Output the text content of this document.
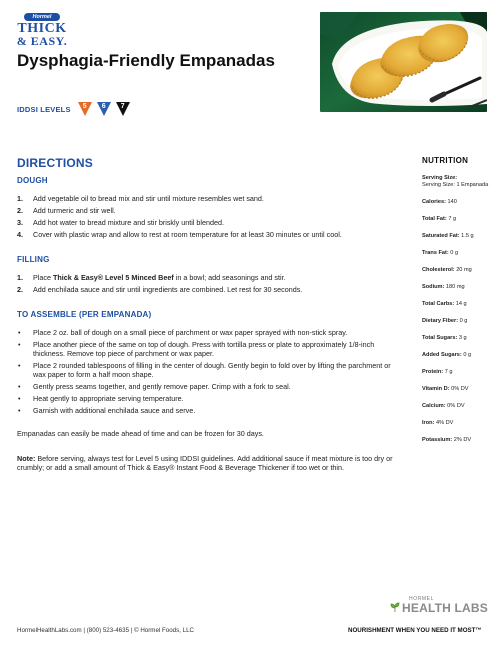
Hormel
THICK
& EASY.
Dysphagia-Friendly Empanadas
IDDSI LEVELS 5 6 7
DIRECTIONS
DOUGH
1. Add vegetable oil to bread mix and stir until mixture resembles wet sand.
2. Add turmeric and stir well.
3. Add hot water to bread mixture and stir briskly until blended.
4. Cover with plastic wrap and allow to rest at room temperature for at least 30 minutes or until cool.
FILLING
1. Place Thick & Easy® Level 5 Minced Beef in a bowl; add seasonings and stir.
2. Add enchilada sauce and stir until ingredients are combined. Let rest for 30 seconds.
TO ASSEMBLE (PER EMPANADA)
• Place 2 oz. ball of dough on a small piece of parchment or wax paper sprayed with non-stick spray.
• Place another piece of the same on top of dough. Press with tortilla press or plate to approximately 1/8-inch thickness. Remove top piece of parchment or wax paper.
• Place 2 rounded tablespoons of filling in the center of dough. Gently begin to fold over by lifting the parchment or wax paper to form a half moon shape.
• Gently press seams together, and gently remove paper. Crimp with a fork to seal.
• Heat gently to appropriate serving temperature.
• Garnish with additional enchilada sauce and serve.

Empanadas can easily be made ahead of time and can be frozen for 30 days.

Note: Before serving, always test for Level 5 using IDDSI guidelines. Add additional sauce if meat mixture is too dry or crumbly; or add a small amount of Thick & Easy® Instant Food & Beverage Thickener if too wet or thin.

NUTRITION
Serving Size:
Serving Size: 1 Empanada
Calories: 140
Total Fat: 7 g
Saturated Fat: 1.5 g
Trans Fat: 0 g
Cholesterol: 20 mg
Sodium: 180 mg
Total Carbs: 14 g
Dietary Fiber: 0 g
Total Sugars: 3 g
Added Sugars: 0 g
Protein: 7 g
Vitamin D: 0% DV
Calcium: 0% DV
Iron: 4% DV
Potassium: 2% DV
HormelHealthLabs.com | (800) 523-4635 | © Hormel Foods, LLC
HORMEL
HEALTH LABS
NOURISHMENT WHEN YOU NEED IT MOST™
